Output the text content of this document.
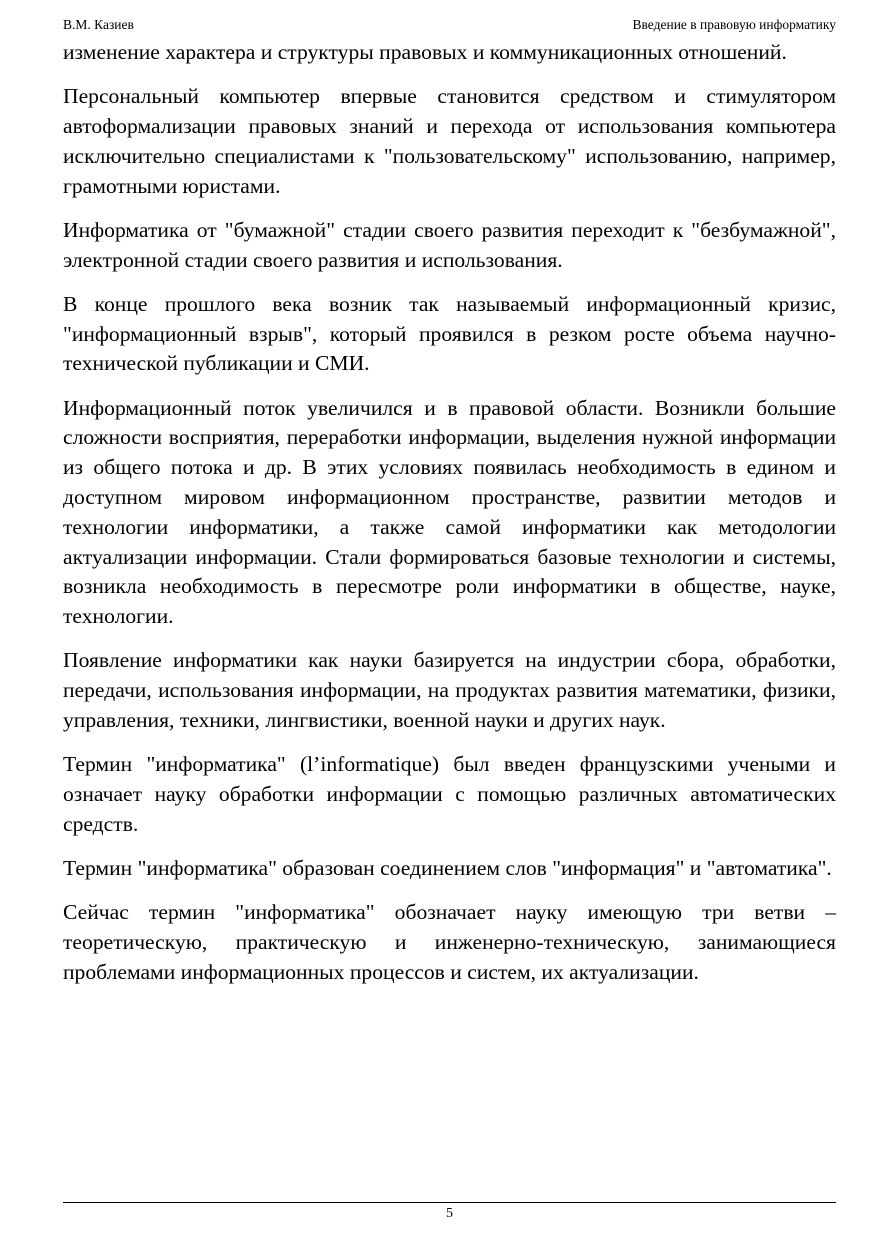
В.М. Казиев	Введение в правовую информатику

изменение характера и структуры правовых и коммуникационных отношений.

Персональный компьютер впервые становится средством и стимулятором автоформализации правовых знаний и перехода от использования компьютера исключительно специалистами к "пользовательскому" использованию, например, грамотными юристами.

Информатика от "бумажной" стадии своего развития переходит к "безбумажной", электронной стадии своего развития и использования.

В конце прошлого века возник так называемый информационный кризис, "информационный взрыв", который проявился в резком росте объема научно-технической публикации и СМИ.

Информационный поток увеличился и в правовой области. Возникли большие сложности восприятия, переработки информации, выделения нужной информации из общего потока и др. В этих условиях появилась необходимость в едином и доступном мировом информационном пространстве, развитии методов и технологии информатики, а также самой информатики как методологии актуализации информации. Стали формироваться базовые технологии и системы, возникла необходимость в пересмотре роли информатики в обществе, науке, технологии.

Появление информатики как науки базируется на индустрии сбора, обработки, передачи, использования информации, на продуктах развития математики, физики, управления, техники, лингвистики, военной науки и других наук.

Термин "информатика" (l’informatique) был введен французскими учеными и означает науку обработки информации с помощью различных автоматических средств.

Термин "информатика" образован соединением слов "информация" и "автоматика".

Сейчас термин "информатика" обозначает науку имеющую три ветви – теоретическую, практическую и инженерно-техническую, занимающиеся проблемами информационных процессов и систем, их актуализации.

5
